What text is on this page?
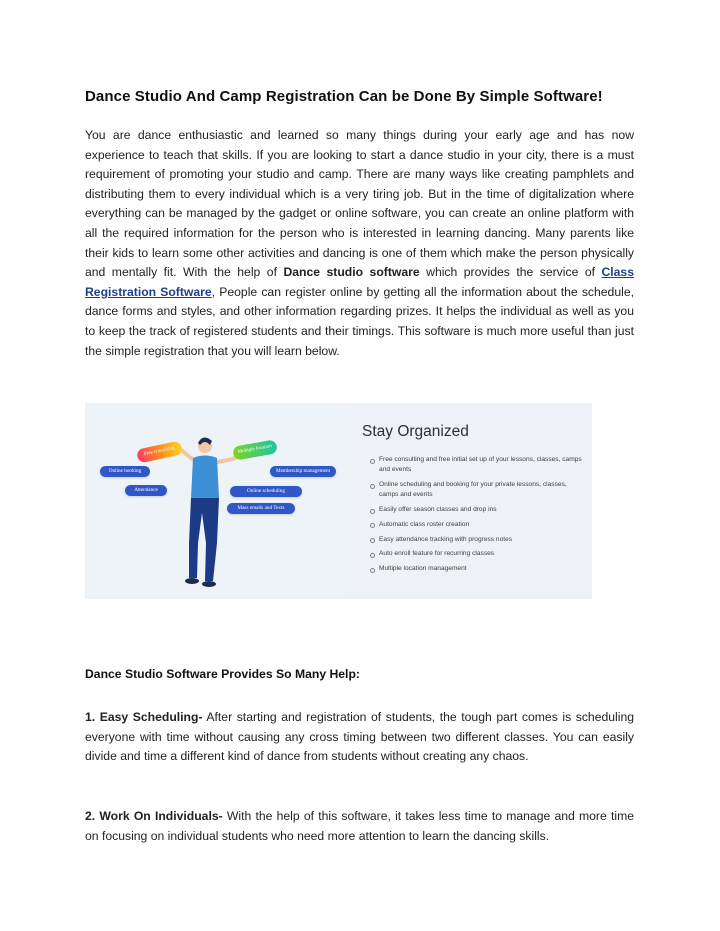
Dance Studio And Camp Registration Can be Done By Simple Software!
You are dance enthusiastic and learned so many things during your early age and has now experience to teach that skills. If you are looking to start a dance studio in your city, there is a must requirement of promoting your studio and camp. There are many ways like creating pamphlets and distributing them to every individual which is a very tiring job. But in the time of digitalization where everything can be managed by the gadget or online software, you can create an online platform with all the required information for the person who is interested in learning dancing. Many parents like their kids to learn some other activities and dancing is one of them which make the person physically and mentally fit. With the help of Dance studio software which provides the service of Class Registration Software, People can register online by getting all the information about the schedule, dance forms and styles, and other information regarding prizes. It helps the individual as well as you to keep the track of registered students and their timings. This software is much more useful than just the simple registration that you will learn below.
Free consulting	Multiple location
Online booking	Membership management
Attendance	Online scheduling
Mass emails and Texts
Stay Organized
Free consulting and free initial set up of your lessons, classes, camps and events
Online scheduling and booking for your private lessons, classes, camps and events
Easily offer season classes and drop ins
Automatic class roster creation
Easy attendance tracking with progress notes
Auto enroll feature for recurring classes
Multiple location management
Dance Studio Software Provides So Many Help:
1. Easy Scheduling- After starting and registration of students, the tough part comes is scheduling everyone with time without causing any cross timing between two different classes. You can easily divide and time a different kind of dance from students without creating any chaos.
2. Work On Individuals- With the help of this software, it takes less time to manage and more time on focusing on individual students who need more attention to learn the dancing skills.
